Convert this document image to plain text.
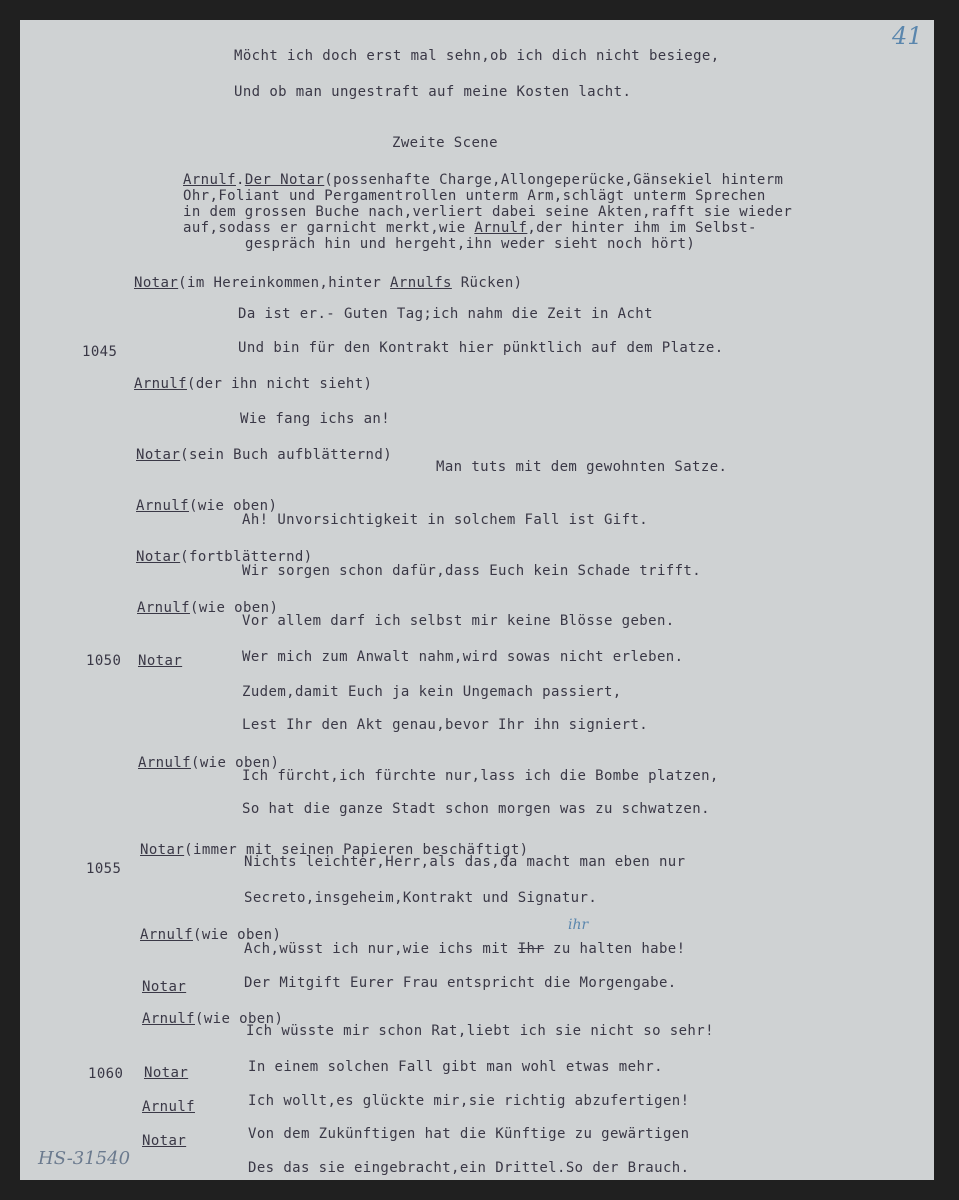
41
Möcht ich doch erst mal sehn,ob ich dich nicht besiege,
Und ob man ungestraft auf meine Kosten lacht.
Zweite Scene
Arnulf.Der Notar(possenhafte Charge,Allongeperücke,Gänsekiel hinterm
Ohr,Foliant und Pergamentrollen unterm Arm,schlägt unterm Sprechen
in dem grossen Buche nach,verliert dabei seine Akten,rafft sie wieder
auf,sodass er garnicht merkt,wie Arnulf,der hinter ihm im Selbst-
gespräch hin und hergeht,ihn weder sieht noch hört)
Notar(im Hereinkommen,hinter Arnulfs Rücken)
Da ist er.- Guten Tag;ich nahm die Zeit in Acht
1045	Und bin für den Kontrakt hier pünktlich auf dem Platze.
Arnulf(der ihn nicht sieht)
Wie fang ichs an!
Notar(sein Buch aufblätternd)
Man tuts mit dem gewohnten Satze.
Arnulf(wie oben)
Ah! Unvorsichtigkeit in solchem Fall ist Gift.
Notar(fortblätternd)
Wir sorgen schon dafür,dass Euch kein Schade trifft.
Arnulf(wie oben)
Vor allem darf ich selbst mir keine Blösse geben.
1050 Notar	Wer mich zum Anwalt nahm,wird sowas nicht erleben.
Zudem,damit Euch ja kein Ungemach passiert,
Lest Ihr den Akt genau,bevor Ihr ihn signiert.
Arnulf(wie oben)
Ich fürcht,ich fürchte nur,lass ich die Bombe platzen,
So hat die ganze Stadt schon morgen was zu schwatzen.
Notar(immer mit seinen Papieren beschäftigt)
1055	Nichts leichter,Herr,als das,da macht man eben nur
Secreto,insgeheim,Kontrakt und Signatur.
Arnulf(wie oben)
ihr
Ach,wüsst ich nur,wie ichs mit Ihr zu halten habe!
Notar	Der Mitgift Eurer Frau entspricht die Morgengabe.
Arnulf(wie oben)
Ich wüsste mir schon Rat,liebt ich sie nicht so sehr!
1060 Notar	In einem solchen Fall gibt man wohl etwas mehr.
Arnulf	Ich wollt,es glückte mir,sie richtig abzufertigen!
Notar	Von dem Zukünftigen hat die Künftige zu gewärtigen
Des das sie eingebracht,ein Drittel.So der Brauch.
HS-31540
